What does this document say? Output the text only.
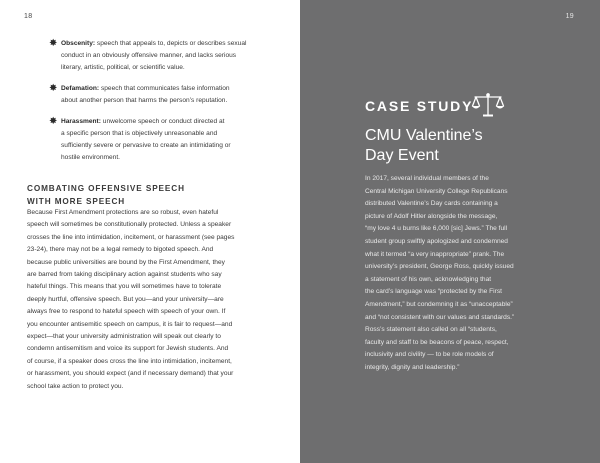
18
✸ Obscenity: speech that appeals to, depicts or describes sexual
conduct in an obviously offensive manner, and lacks serious
literary, artistic, political, or scientific value.
✸ Defamation: speech that communicates false information
about another person that harms the person’s reputation.
✸ Harassment: unwelcome speech or conduct directed at
a specific person that is objectively unreasonable and
sufficiently severe or pervasive to create an intimidating or
hostile environment.
COMBATING OFFENSIVE SPEECH
WITH MORE SPEECH
Because First Amendment protections are so robust, even hateful
speech will sometimes be constitutionally protected. Unless a speaker
crosses the line into intimidation, incitement, or harassment (see pages
23-24), there may not be a legal remedy to bigoted speech. And
because public universities are bound by the First Amendment, they
are barred from taking disciplinary action against students who say
hateful things. This means that you will sometimes have to tolerate
deeply hurtful, offensive speech. But you—and your university—are
always free to respond to hateful speech with speech of your own. If
you encounter antisemitic speech on campus, it is fair to request—and
expect—that your university administration will speak out clearly to
condemn antisemitism and voice its support for Jewish students. And
of course, if a speaker does cross the line into intimidation, incitement,
or harassment, you should expect (and if necessary demand) that your
school take action to protect you.
19
CASE STUDY
CMU Valentine’s
Day Event
In 2017, several individual members of the
Central Michigan University College Republicans
distributed Valentine’s Day cards containing a
picture of Adolf Hitler alongside the message,
“my love 4 u burns like 6,000 [sic] Jews.” The full
student group swiftly apologized and condemned
what it termed “a very inappropriate” prank. The
university’s president, George Ross, quickly issued
a statement of his own, acknowledging that
the card’s language was “protected by the First
Amendment,” but condemning it as “unacceptable”
and “not consistent with our values and standards.”
Ross’s statement also called on all “students,
faculty and staff to be beacons of peace, respect,
inclusivity and civility — to be role models of
integrity, dignity and leadership.”
